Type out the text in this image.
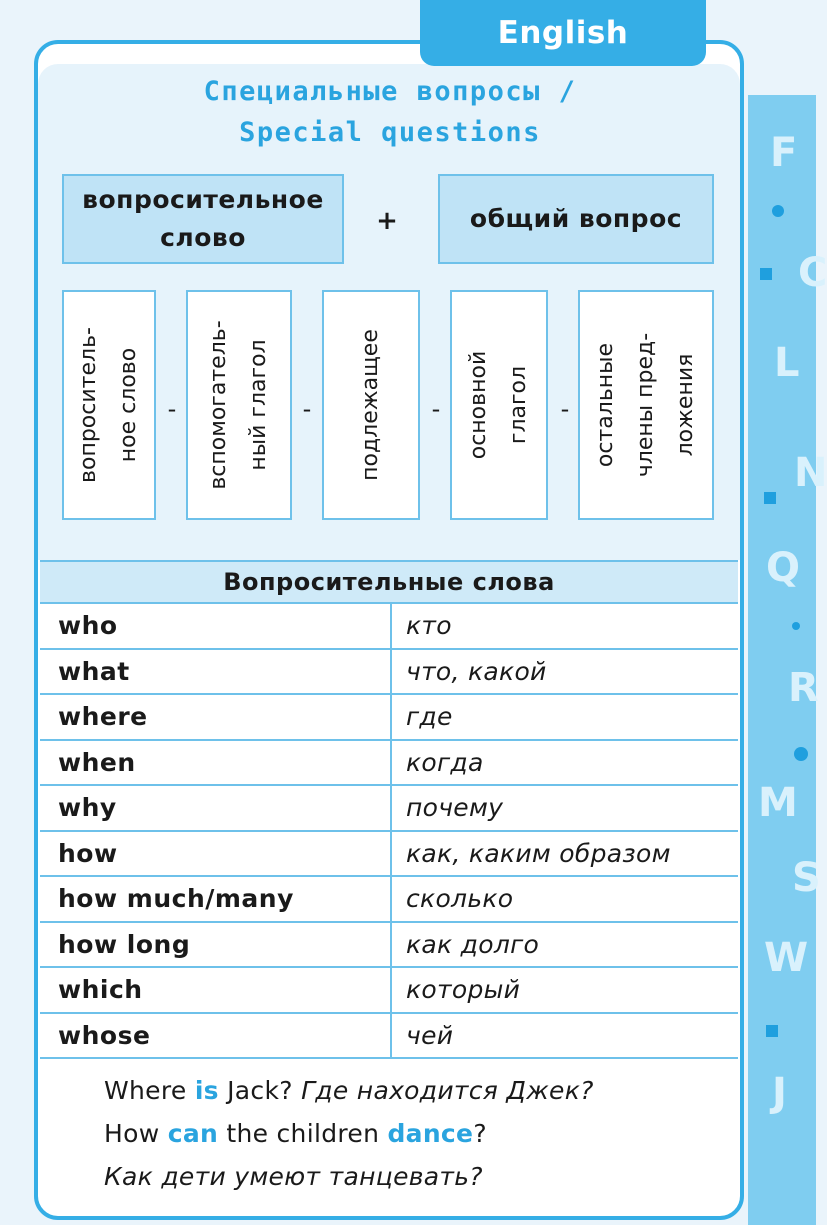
F
C
L
N
Q
R
M
S
W
J
English
Специальные вопросы /
Special questions
вопросительное
слово
+	общий вопрос
вопроситель-
ное слово	-	вспомогатель-
ный глагол	-	подлежащее	-	основной
глагол	-	остальные
члены пред-
ложения
Вопросительные слова
who	кто
what	что, какой
where	где
when	когда
why	почему
how	как, каким образом
how much/many	сколько
how long	как долго
which	который
whose	чей
Where is Jack? Где находится Джек?
How can the children dance?
Как дети умеют танцевать?
